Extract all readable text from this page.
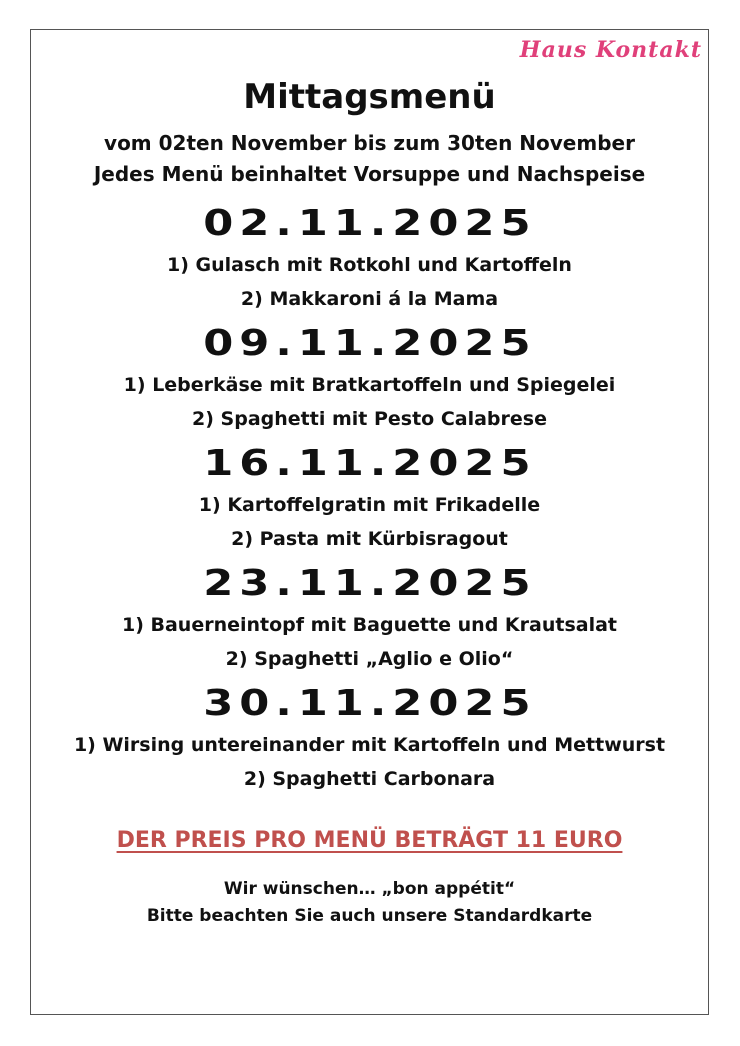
Haus Kontakt
Mittagsmenü

vom 02ten November bis zum 30ten November

Jedes Menü beinhaltet Vorsuppe und Nachspeise

02.11.2025
1) Gulasch mit Rotkohl und Kartoffeln
2) Makkaroni á la Mama
09.11.2025
1) Leberkäse mit Bratkartoffeln und Spiegelei
2) Spaghetti mit Pesto Calabrese
16.11.2025
1) Kartoffelgratin mit Frikadelle
2) Pasta mit Kürbisragout
23.11.2025
1) Bauerneintopf mit Baguette und Krautsalat
2) Spaghetti „Aglio e Olio“
30.11.2025
1) Wirsing untereinander mit Kartoffeln und Mettwurst
2) Spaghetti Carbonara
DER PREIS PRO MENÜ BETRÄGT 11 EURO
Wir wünschen… „bon appétit“
Bitte beachten Sie auch unsere Standardkarte
